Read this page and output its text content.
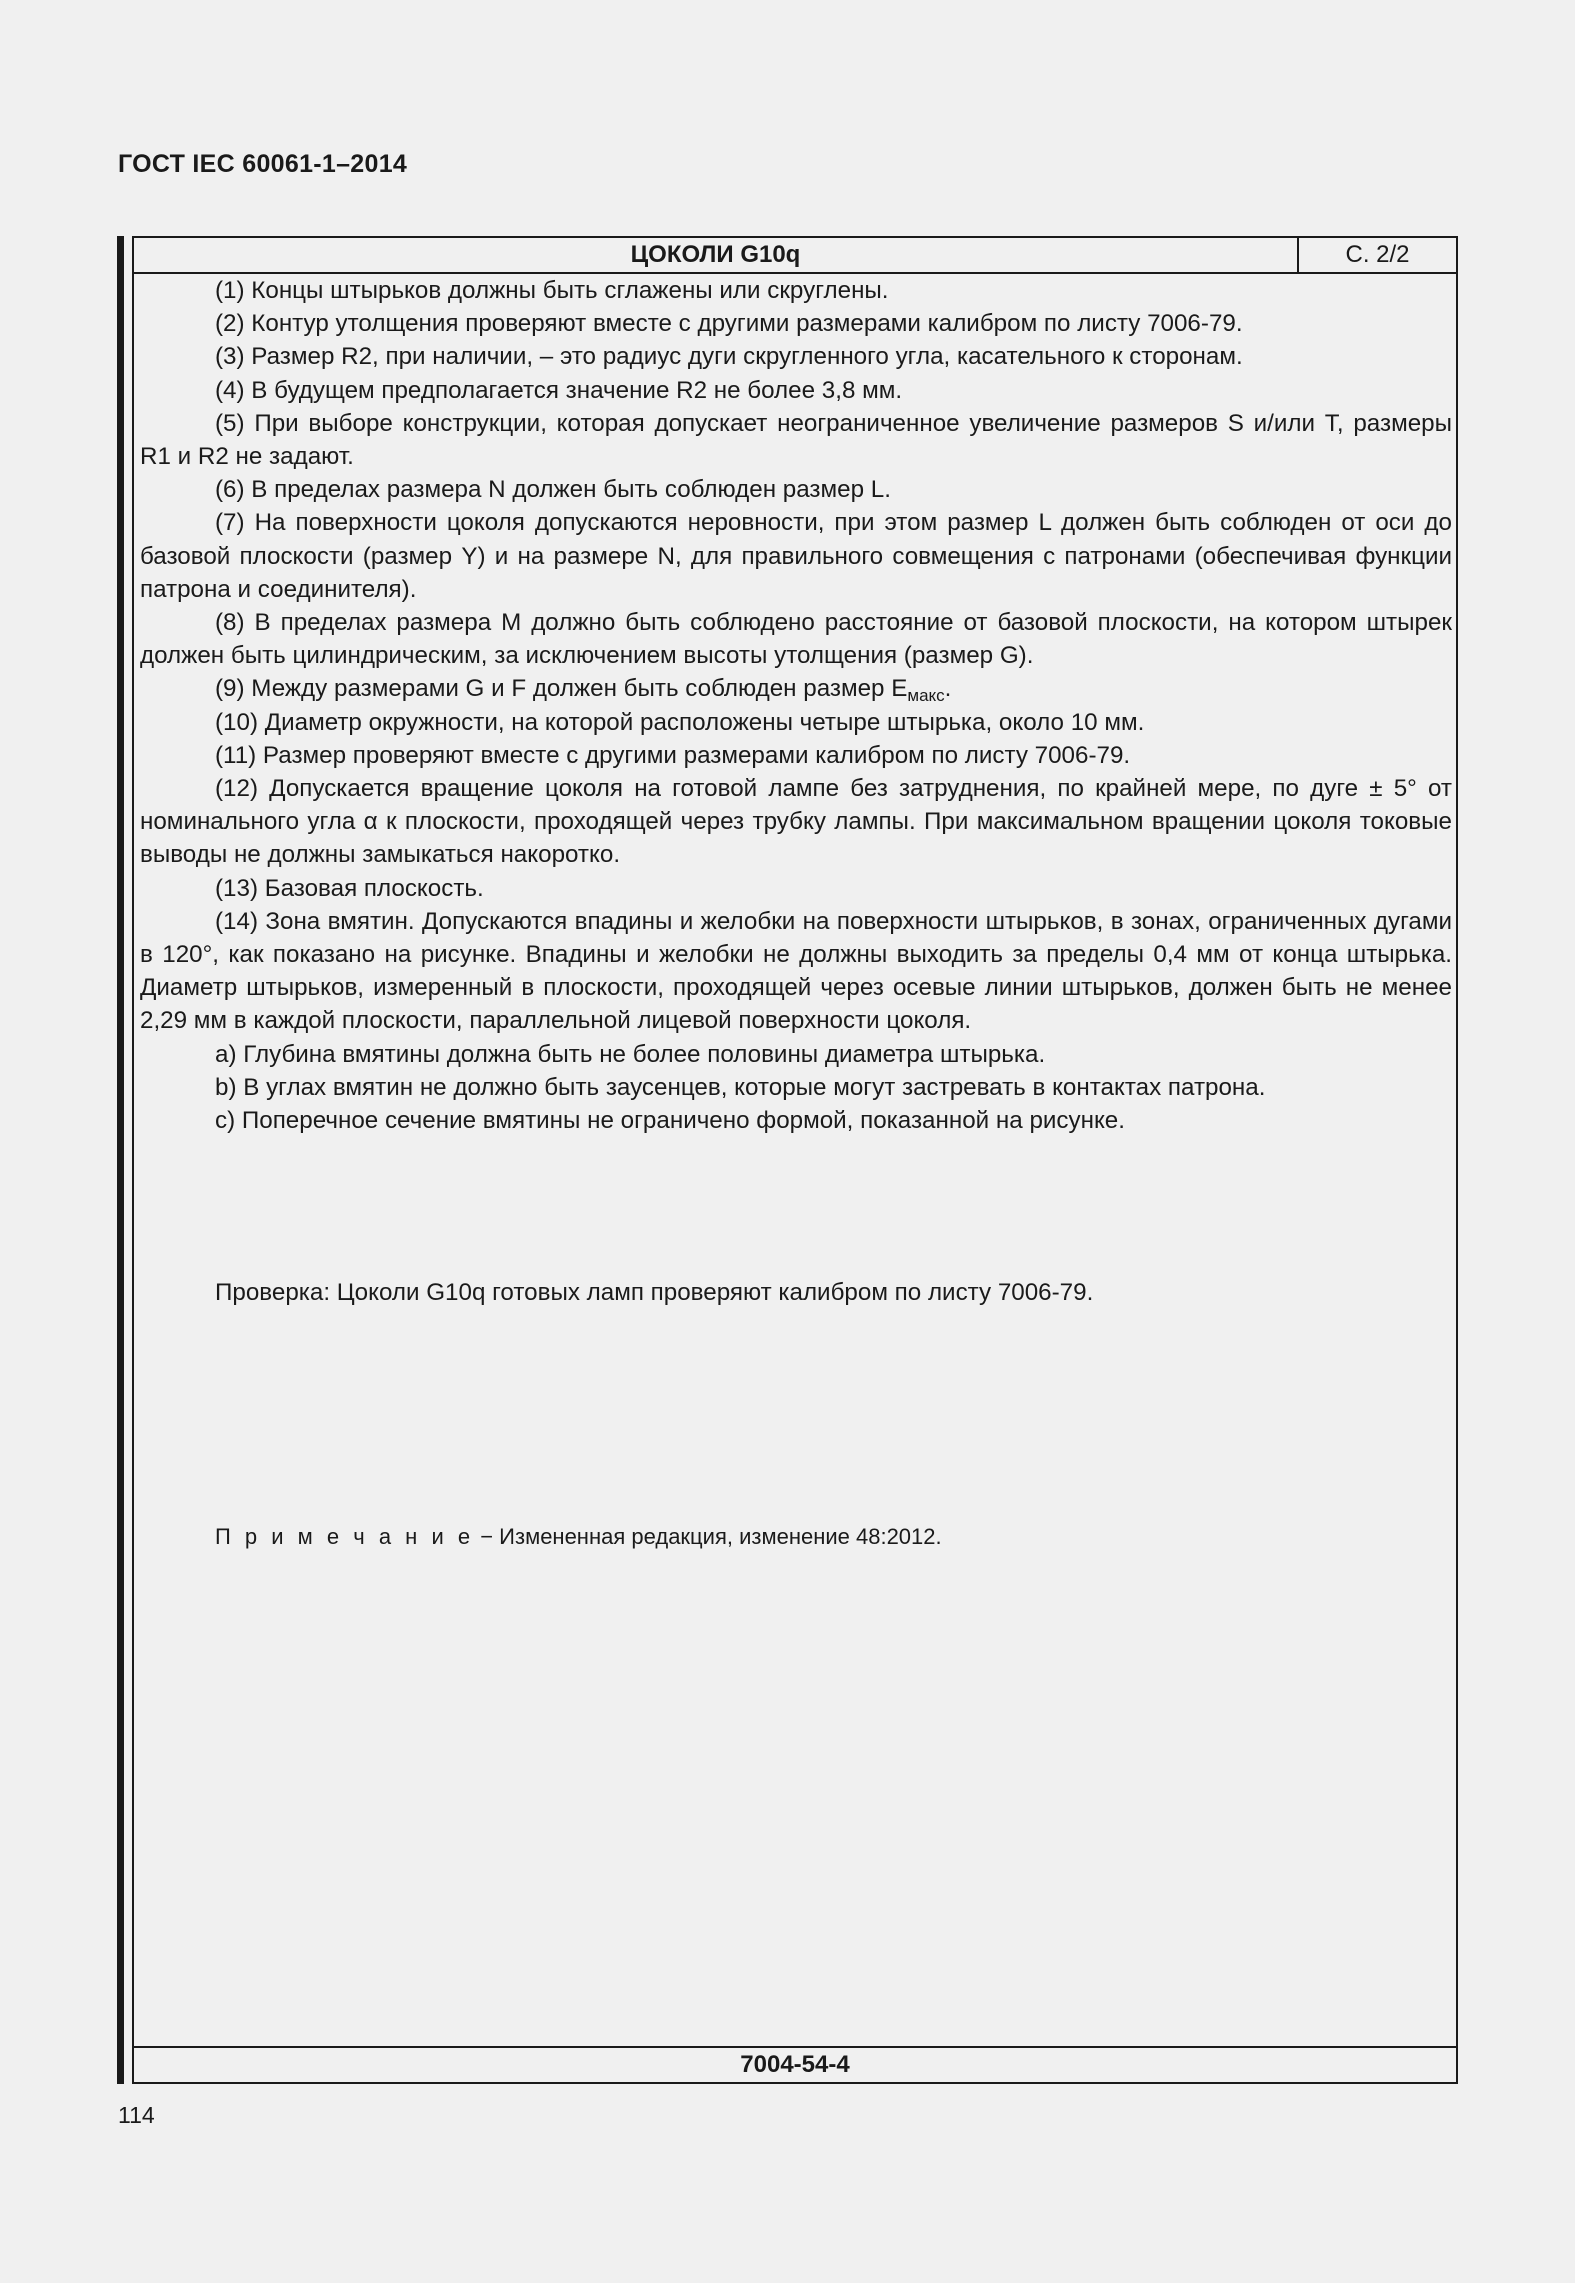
ГОСТ IEC 60061-1–2014
ЦОКОЛИ G10q	С. 2/2

(1) Концы штырьков должны быть сглажены или скруглены.

(2) Контур утолщения проверяют вместе с другими размерами калибром по листу 7006-79.

(3) Размер R2, при наличии, – это радиус дуги скругленного угла, касательного к сторонам.

(4) В будущем предполагается значение R2 не более 3,8 мм.

(5) При выборе конструкции, которая допускает неограниченное увеличение размеров S и/или Т, размеры R1 и R2 не задают.

(6) В пределах размера N должен быть соблюден размер L.

(7) На поверхности цоколя допускаются неровности, при этом размер L должен быть соблюден от оси до базовой плоскости (размер Y) и на размере N, для правильного совмещения с патронами (обеспечивая функции патрона и соединителя).

(8) В пределах размера М должно быть соблюдено расстояние от базовой плоскости, на котором штырек должен быть цилиндрическим, за исключением высоты утолщения (размер G).

(9) Между размерами G и F должен быть соблюден размер $E_{макс}$.

(10) Диаметр окружности, на которой расположены четыре штырька, около 10 мм.

(11) Размер проверяют вместе с другими размерами калибром по листу 7006-79.

(12) Допускается вращение цоколя на готовой лампе без затруднения, по крайней мере, по дуге ± 5° от номинального угла α к плоскости, проходящей через трубку лампы. При максимальном вращении цоколя токовые выводы не должны замыкаться накоротко.

(13) Базовая плоскость.

(14) Зона вмятин. Допускаются впадины и желобки на поверхности штырьков, в зонах, ограниченных дугами в 120°, как показано на рисунке. Впадины и желобки не должны выходить за пределы 0,4 мм от конца штырька. Диаметр штырьков, измеренный в плоскости, проходящей через осевые линии штырьков, должен быть не менее 2,29 мм в каждой плоскости, параллельной лицевой поверхности цоколя.

a) Глубина вмятины должна быть не более половины диаметра штырька.

b) В углах вмятин не должно быть заусенцев, которые могут застревать в контактах патрона.

c) Поперечное сечение вмятины не ограничено формой, показанной на рисунке.

Проверка: Цоколи G10q готовых ламп проверяют калибром по листу 7006-79.
П р и м е ч а н и е − Измененная редакция, изменение 48:2012.
7004-54-4
114
